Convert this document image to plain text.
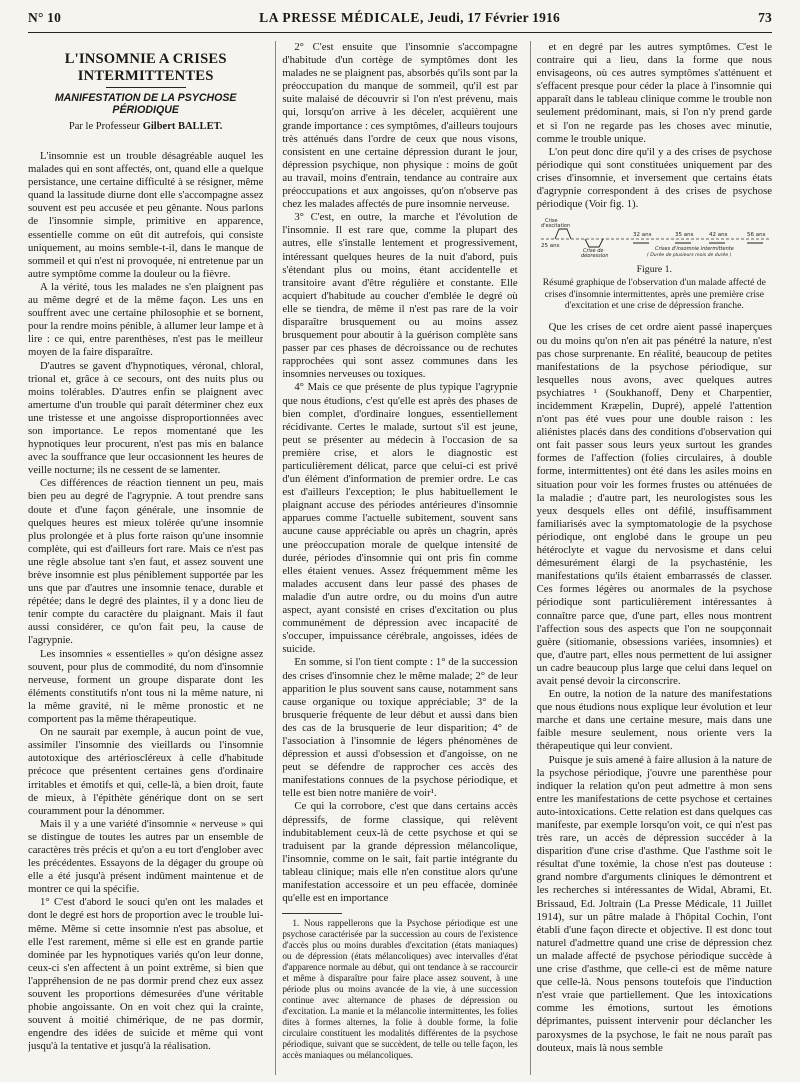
N° 10	LA PRESSE MÉDICALE, Jeudi, 17 Février 1916	73
L'INSOMNIE A CRISES INTERMITTENTES
MANIFESTATION DE LA PSYCHOSE PÉRIODIQUE
Par le Professeur Gilbert BALLET.

L'insomnie est un trouble désagréable auquel les malades qui en sont affectés, ont, quand elle a quelque persistance, une certaine difficulté à se résigner, même quand la lassitude diurne dont elle s'accompagne assez souvent est peu accusée et peu gênante. Nous parlons de l'insomnie simple, primitive en apparence, essentielle comme on eût dit autrefois, qui consiste uniquement, au moins semble-t-il, dans le manque de sommeil et qui n'est ni provoquée, ni entretenue par un autre symptôme comme la douleur ou la fièvre.

A la vérité, tous les malades ne s'en plaignent pas au même degré et de la même façon. Les uns en souffrent avec une certaine philosophie et se bornent, pour la rendre moins pénible, à allumer leur lampe et à lire : ce qui, entre parenthèses, n'est pas le meilleur moyen de la faire disparaître.

D'autres se gavent d'hypnotiques, véronal, chloral, trional et, grâce à ce secours, ont des nuits plus ou moins tolérables. D'autres enfin se plaignent avec amertume d'un trouble qui paraît déterminer chez eux une tristesse et une angoisse disproportionnées avec son importance. Le repos momentané que les hypnotiques leur procurent, n'est pas mis en balance avec la souffrance que leur occasionnent les heures de veille nocturne; ils ne cessent de se lamenter.

Ces différences de réaction tiennent un peu, mais bien peu au degré de l'agrypnie. A tout prendre sans doute et d'une façon générale, une insomnie de quelques heures est mieux tolérée qu'une insomnie plus prolongée et à plus forte raison qu'une insomnie complète, qui est d'ailleurs fort rare. Mais ce n'est pas une règle absolue tant s'en faut, et assez souvent une brève insomnie est plus péniblement supportée par les uns que par d'autres une insomnie tenace, durable et répétée; dans le degré des plaintes, il y a donc lieu de tenir compte du caractère du plaignant. Mais il faut aussi considérer, ce qu'on fait peu, la cause de l'agrypnie.

Les insomnies « essentielles » qu'on désigne assez souvent, pour plus de commodité, du nom d'insomnie nerveuse, forment un groupe disparate dont les éléments constitutifs n'ont tous ni la même nature, ni la même gravité, ni le même pronostic et ne comportent pas la même thérapeutique.

On ne saurait par exemple, à aucun point de vue, assimiler l'insomnie des vieillards ou l'insomnie autotoxique des artérioscléreux à celle d'habitude précoce que présentent certaines gens d'ordinaire irritables et émotifs et qui, celle-là, a bien droit, faute de mieux, à l'épithète générique dont on se sert couramment pour la dénommer.

Mais il y a une variété d'insomnie « nerveuse » qui se distingue de toutes les autres par un ensemble de caractères très précis et qu'on a eu tort d'englober avec les précédentes. Essayons de la dégager du groupe où elle a été jusqu'à présent indûment maintenue et de montrer ce qui la spécifie.

1° C'est d'abord le souci qu'en ont les malades et dont le degré est hors de proportion avec le trouble lui-même. Même si cette insomnie n'est pas absolue, et elle l'est rarement, même si elle est en grande partie dominée par les hypnotiques variés qu'on leur donne, ceux-ci s'en affectent à un point extrême, si bien que l'appréhension de ne pas dormir prend chez eux assez souvent les proportions démesurées d'une véritable phobie angoissante. On en voit chez qui la crainte, souvent à moitié chimérique, de ne pas dormir, engendre des idées de suicide et même qui vont jusqu'à la tentative et jusqu'à la réalisation.

2° C'est ensuite que l'insomnie s'accompagne d'habitude d'un cortège de symptômes dont les malades ne se plaignent pas, absorbés qu'ils sont par la préoccupation du manque de sommeil, qu'il est par suite malaisé de découvrir si l'on n'est prévenu, mais qui, lorsqu'on arrive à les déceler, acquièrent une grande importance : ces symptômes, d'ailleurs toujours très atténués dans l'ordre de ceux que nous visons, consistent en une certaine dépression durant le jour, dépression psychique, non physique : moins de goût au travail, moins d'entrain, tendance au contraire aux préoccupations et aux angoisses, qu'on n'observe pas chez les malades affectés de pure insomnie nerveuse.

3° C'est, en outre, la marche et l'évolution de l'insomnie. Il est rare que, comme la plupart des autres, elle s'installe lentement et progressivement, intéressant quelques heures de la nuit d'abord, puis s'étendant plus ou moins, étant accidentelle et transitoire avant d'être régulière et constante. Elle acquiert d'habitude au coucher d'emblée le degré où elle se tiendra, de même il n'est pas rare de la voir disparaître brusquement ou au moins assez brusquement pour aboutir à la guérison complète sans passer par ces phases de décroissance ou de rechutes rapprochées qui sont assez communes dans les insomnies nerveuses ou toxiques.

4° Mais ce que présente de plus typique l'agrypnie que nous étudions, c'est qu'elle est après des phases de bien complet, d'ordinaire longues, essentiellement récidivante. Certes le malade, surtout s'il est jeune, peut se présenter au médecin à l'occasion de sa première crise, et alors le diagnostic est particulièrement délicat, parce que celui-ci est privé d'un élément d'information de premier ordre. Le cas est d'ailleurs l'exception; le plus habituellement le plaignant accuse des périodes antérieures d'insomnie apparues comme l'actuelle subitement, souvent sans aucune cause appréciable ou après un chagrin, après une préoccupation morale de quelque intensité de durée, périodes d'insomnie qui ont pris fin comme elles étaient venues. Assez fréquemment même les malades accusent dans leur passé des phases de maladie d'un autre ordre, ou du moins d'un autre aspect, ayant consisté en crises d'excitation ou plus communément de dépression avec incapacité de s'occuper, impuissance cérébrale, angoisses, idées de suicide.

En somme, si l'on tient compte : 1° de la succession des crises d'insomnie chez le même malade; 2° de leur apparition le plus souvent sans cause, notamment sans cause organique ou toxique appréciable; 3° de la brusquerie fréquente de leur début et aussi dans bien des cas de la brusquerie de leur disparition; 4° de l'association à l'insomnie de légers phénomènes de dépression et aussi d'obsession et d'angoisse, on ne peut se défendre de rapprocher ces accès des manifestations connues de la psychose périodique, et telle est bien notre manière de voir¹.

Ce qui la corrobore, c'est que dans certains accès dépressifs, de forme classique, qui relèvent indubitablement ceux-là de cette psychose et qui se traduisent par la grande dépression mélancolique, l'insomnie, comme on le sait, fait partie intégrante du tableau clinique; mais elle n'en constitue alors qu'une manifestation accessoire et un peu effacée, dominée qu'elle est en importance

1. Nous rappellerons que la Psychose périodique est une psychose caractérisée par la succession au cours de l'existence d'accès plus ou moins durables d'excitation (états maniaques) ou de dépression (états mélancoliques) avec intervalles d'état d'apparence normale au début, qui ont tendance à se raccourcir et même à disparaître pour faire place assez souvent, à une période plus ou moins avancée de la vie, à une succession continue avec alternance de phases de dépression ou d'excitation. La manie et la mélancolie intermittentes, les folies dites à formes alternes, la folie à double forme, la folie circulaire constituent les modalités différentes de la psychose périodique, suivant que se succèdent, de telle ou telle façon, les accès maniaques ou mélancoliques.

et en degré par les autres symptômes. C'est le contraire qui a lieu, dans la forme que nous envisageons, où ces autres symptômes s'atténuent et s'effacent presque pour céder la place à l'insomnie qui apparaît dans le tableau clinique comme le trouble non seulement prédominant, mais, si l'on n'y prend garde et si l'on ne regarde pas les choses avec minutie, comme le trouble unique.

L'on peut donc dire qu'il y a des crises de psychose périodique qui sont constituées uniquement par des crises d'insomnie, et inversement que certains états d'agrypnie correspondent à des crises de psychose périodique (Voir fig. 1).

Crise
d'excitation
25 ans
32 ans	35 ans	42 ans	56 ans
Crise de
dépression
Crises d'insomnie intermittente
( Durée de plusieurs mois de durée )
Figure 1.
Résumé graphique de l'observation d'un malade affecté de crises d'insomnie intermittentes, après une première crise d'excitation et une crise de dépression franche.

Que les crises de cet ordre aient passé inaperçues ou du moins qu'on n'en ait pas pénétré la nature, n'est pas chose surprenante. En réalité, beaucoup de petites manifestations de la psychose périodique, sur lesquelles nous avons, avec quelques autres psychiatres ¹ (Soukhanoff, Deny et Charpentier, incidemment Kræpelin, Dupré), appelé l'attention n'ont pas été vues pour une double raison : les aliénistes placés dans des conditions d'observation qui ont fait passer sous leurs yeux surtout les grandes formes de l'affection (folies circulaires, à double forme, intermittentes) ont été dans les asiles moins en situation pour voir les formes frustes ou atténuées de la maladie ; d'autre part, les neurologistes sous les yeux desquels elles ont défilé, insuffisamment familiarisés avec la symptomatologie de la psychose périodique, ont englobé dans le groupe un peu hétéroclyte et vague du nervosisme et dans celui démesurément élargi de la psychasténie, les manifestations qu'ils étaient embarrassés de classer. Ces formes légères ou anormales de la psychose périodique sont particulièrement intéressantes à connaître parce que, d'une part, elles nous montrent l'affection sous des aspects que l'on ne soupçonnait guère (sitiomanie, obsessions variées, insomnies) et que, d'autre part, elles nous permettent de lui assigner un cadre beaucoup plus large que celui dans lequel on avait pensé devoir la circonscrire.

En outre, la notion de la nature des manifestations que nous étudions nous explique leur évolution et leur marche et dans une certaine mesure, mais dans une faible mesure seulement, nous oriente vers la thérapeutique qui leur convient.

Puisque je suis amené à faire allusion à la nature de la psychose périodique, j'ouvre une parenthèse pour indiquer la relation qu'on peut admettre à mon sens entre les manifestations de cette psychose et certaines auto-intoxications. Cette relation est dans quelques cas manifeste, par exemple lorsqu'on voit, ce qui n'est pas très rare, un accès de dépression succéder à la disparition d'une crise d'asthme. Que l'asthme soit le résultat d'une toxémie, la chose n'est pas douteuse : grand nombre d'arguments cliniques le démontrent et les recherches si intéressantes de Widal, Abrami, Et. Brissaud, Ed. Joltrain (La Presse Médicale, 11 Juillet 1914), sur un pâtre malade à l'hôpital Cochin, l'ont établi d'une façon directe et objective. Il est donc tout naturel d'admettre quand une crise de dépression chez un malade affecté de psychose périodique succède à une crise d'asthme, que celle-ci est de même nature que celle-là. Nous pensons toutefois que l'induction n'est vraie que partiellement. Que les intoxications comme les émotions, surtout les émotions déprimantes, puissent intervenir pour déclancher les paroxysmes de la psychose, le fait ne nous paraît pas douteux, mais là nous semble
